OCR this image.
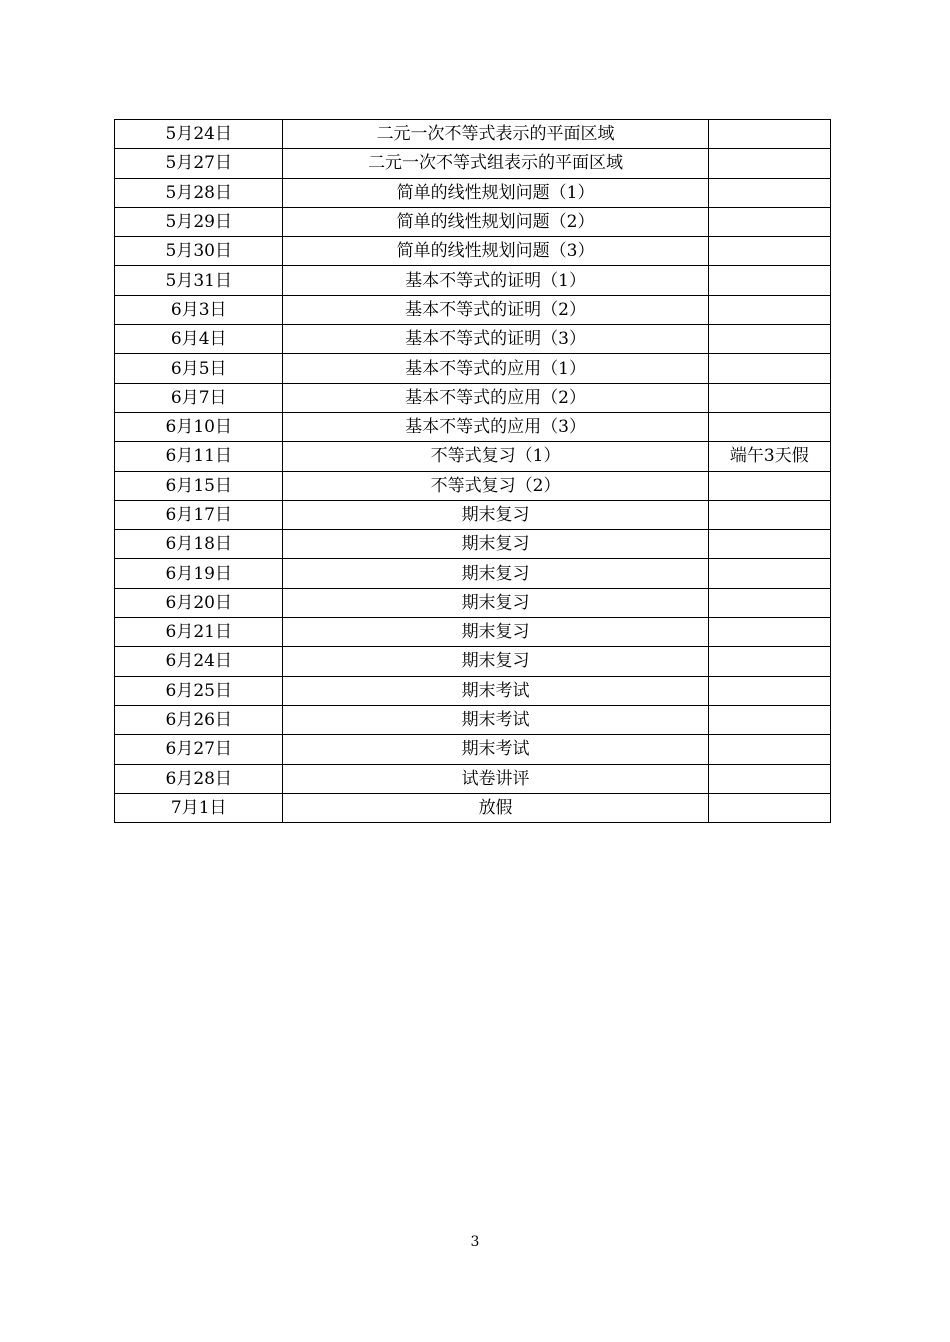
5月24日	二元一次不等式表示的平面区域	
5月27日	二元一次不等式组表示的平面区域	
5月28日	简单的线性规划问题（1）	
5月29日	简单的线性规划问题（2）	
5月30日	简单的线性规划问题（3）	
5月31日	基本不等式的证明（1）	
6月3日	基本不等式的证明（2）	
6月4日	基本不等式的证明（3）	
6月5日	基本不等式的应用（1）	
6月7日	基本不等式的应用（2）	
6月10日	基本不等式的应用（3）	
6月11日	不等式复习（1）	端午3天假
6月15日	不等式复习（2）	
6月17日	期末复习	
6月18日	期末复习	
6月19日	期末复习	
6月20日	期末复习	
6月21日	期末复习	
6月24日	期末复习	
6月25日	期末考试	
6月26日	期末考试	
6月27日	期末考试	
6月28日	试卷讲评	
7月1日	放假	
3
